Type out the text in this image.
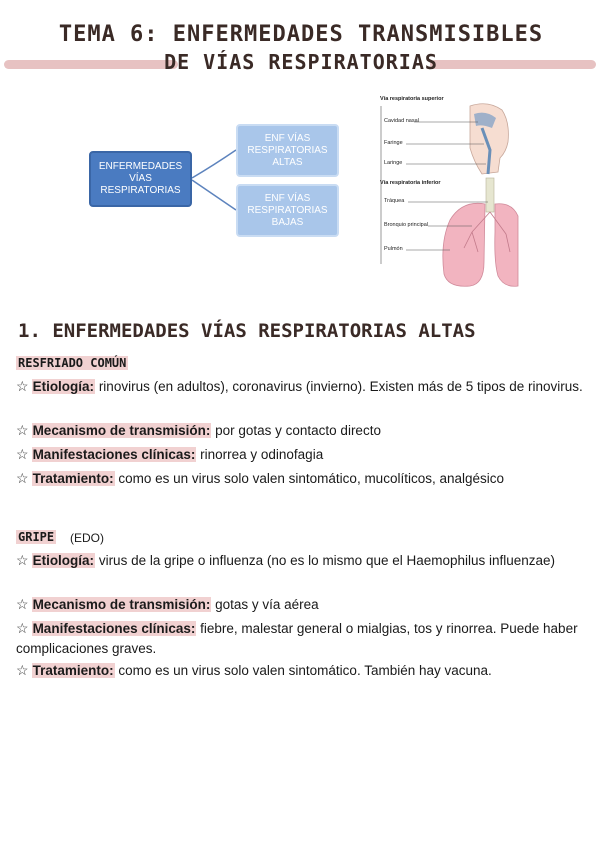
TEMA 6: ENFERMEDADES TRANSMISIBLES
DE VÍAS RESPIRATORIAS
ENFERMEDADES VÍAS RESPIRATORIAS
ENF VÍAS RESPIRATORIAS ALTAS
ENF VÍAS RESPIRATORIAS BAJAS
Vía respiratoria superior
Cavidad nasal
Faringe
Laringe
Vía respiratoria inferior
Tráquea
Bronquio principal
Pulmón
1. ENFERMEDADES VÍAS RESPIRATORIAS ALTAS
RESFRIADO COMÚN
☆ Etiología: rinovirus (en adultos), coronavirus (invierno). Existen más de 5 tipos de rinovirus.
☆ Mecanismo de transmisión: por gotas y contacto directo
☆ Manifestaciones clínicas: rinorrea y odinofagia
☆ Tratamiento: como es un virus solo valen sintomático, mucolíticos, analgésico
GRIPE (EDO)
☆ Etiología: virus de la gripe o influenza (no es lo mismo que el Haemophilus influenzae)
☆ Mecanismo de transmisión: gotas y vía aérea
☆ Manifestaciones clínicas: fiebre, malestar general o mialgias, tos y rinorrea. Puede haber complicaciones graves.
☆ Tratamiento: como es un virus solo valen sintomático. También hay vacuna.
